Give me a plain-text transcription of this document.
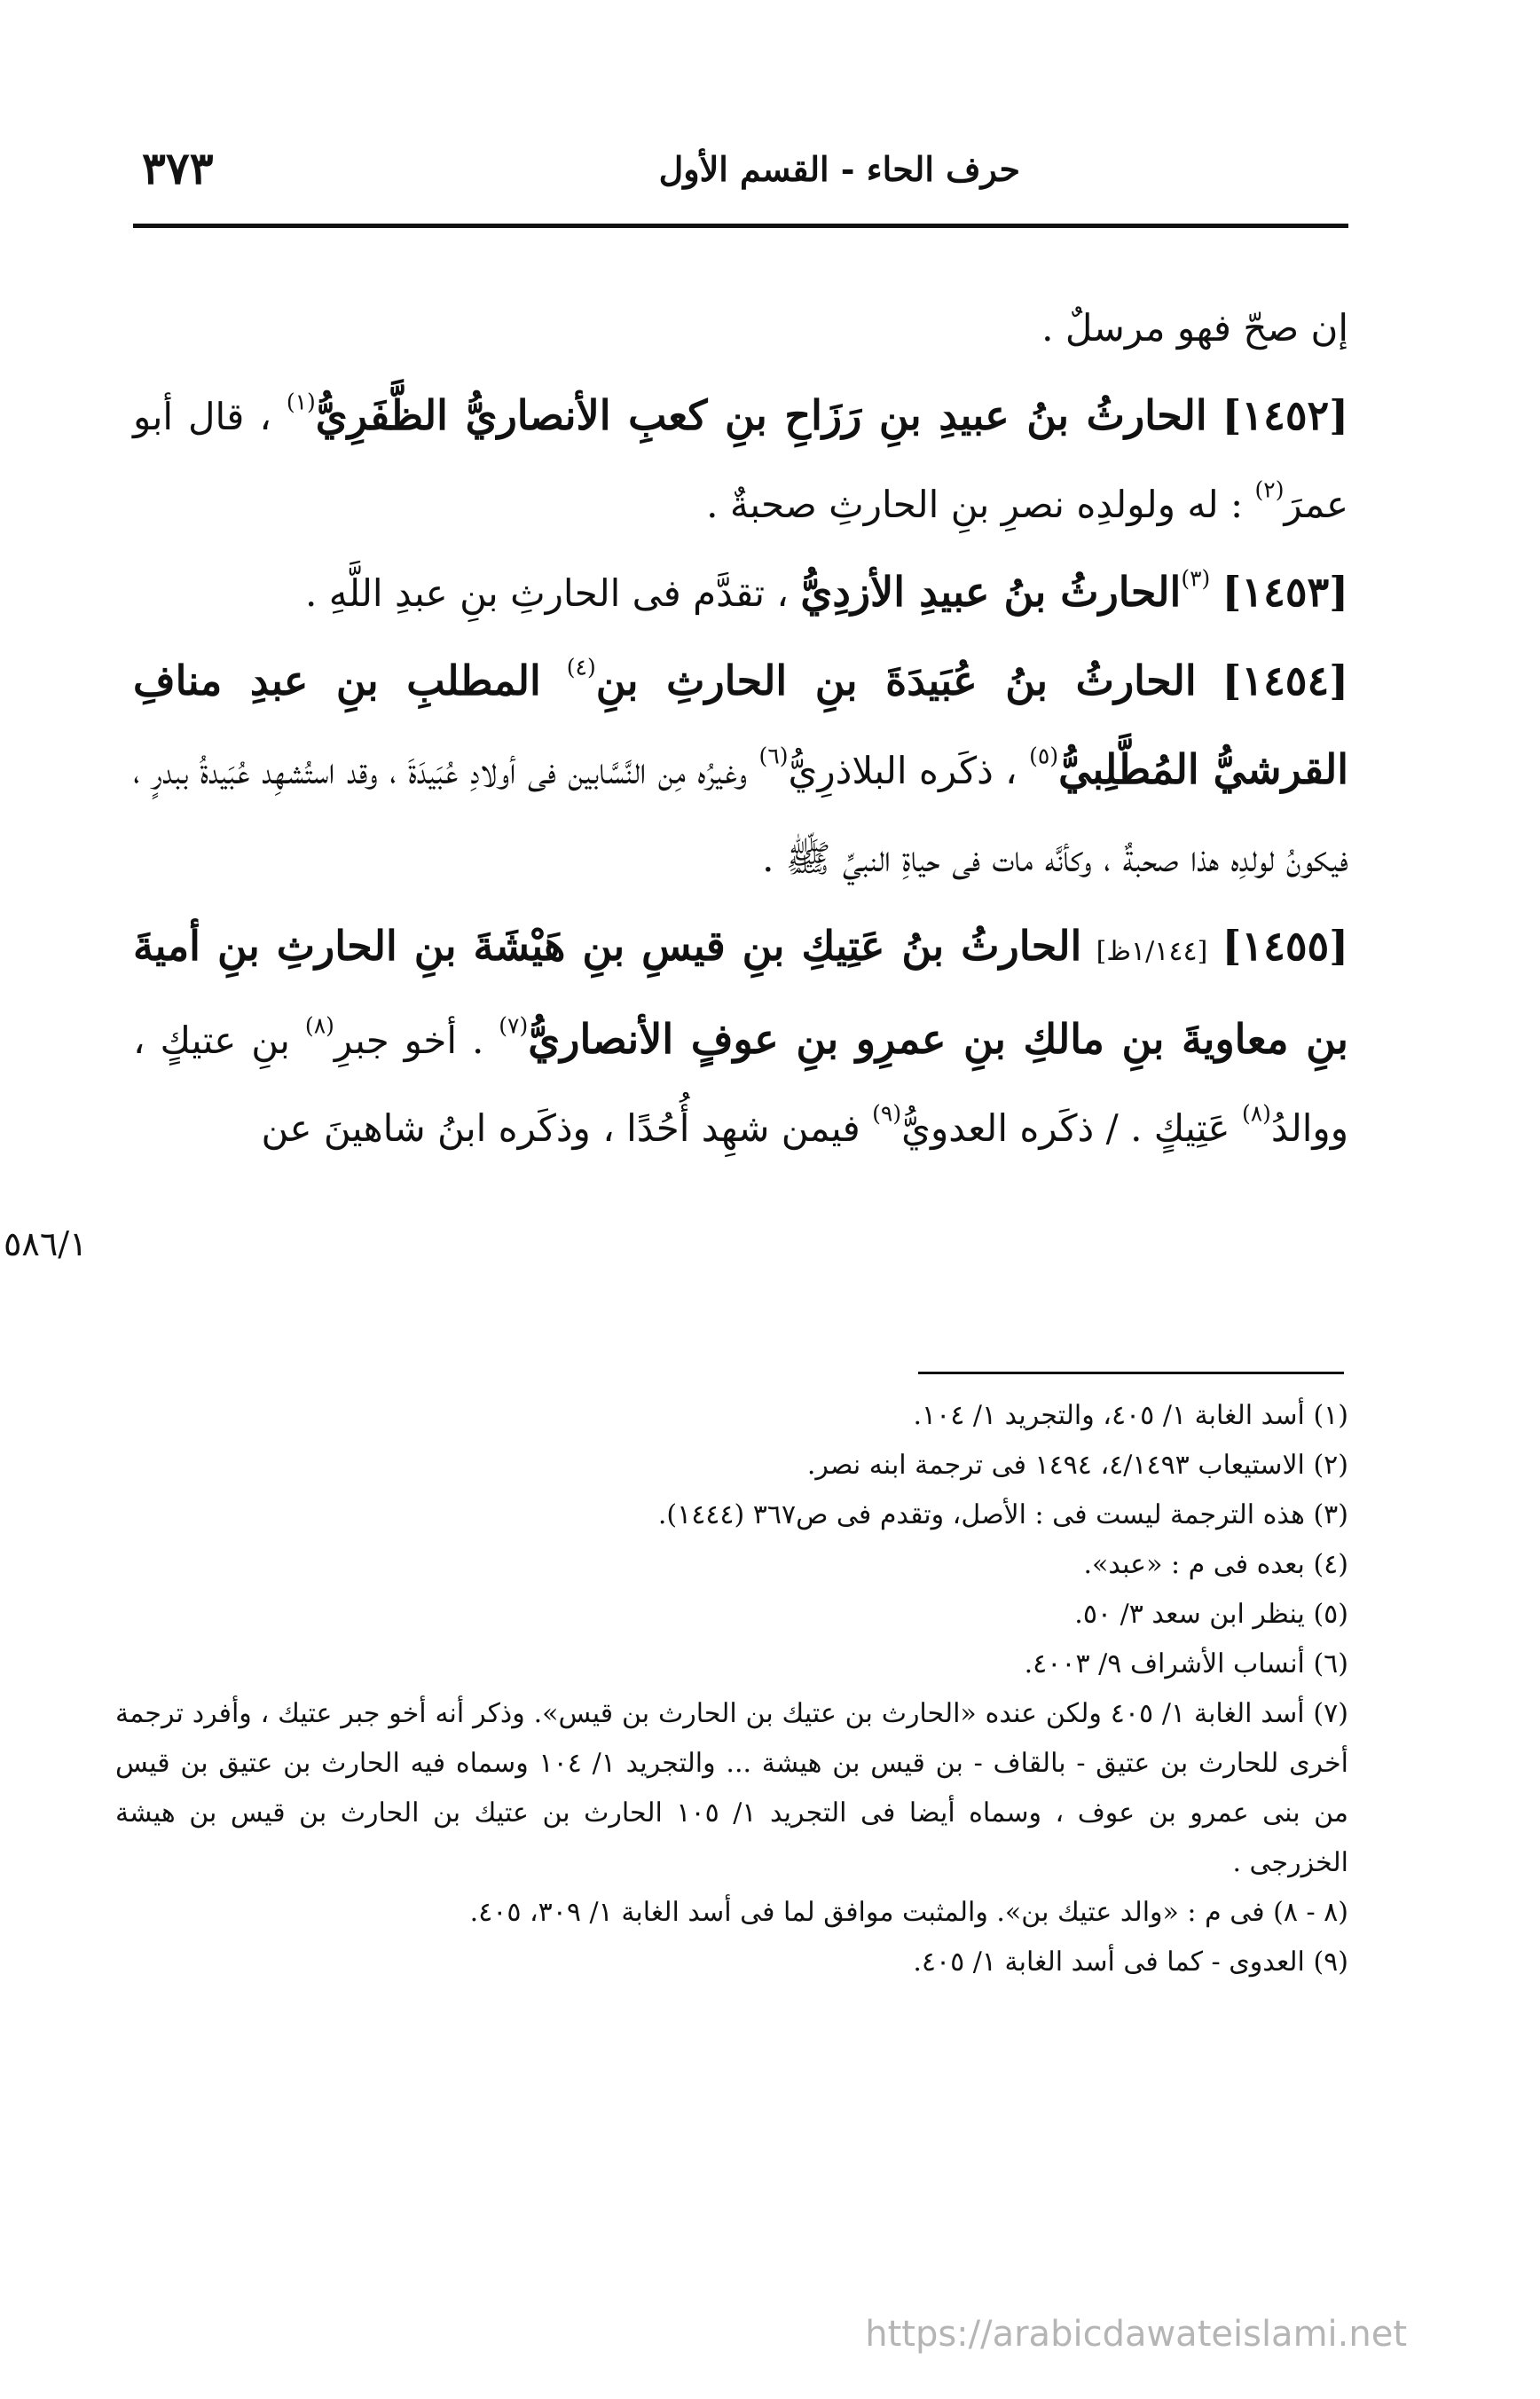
٣٧٣	حرف الحاء - القسم الأول

إن صحّ فهو مرسلٌ .

[١٤٥٢] الحارثُ بنُ عبيدِ بنِ رَزَاحِ بنِ كعبِ الأنصاريُّ الظَّفَرِيُّ$^{(١)}$ ، قال أبو عمرَ$^{(٢)}$ : له ولولدِه نصرِ بنِ الحارثِ صحبةٌ .

[١٤٥٣] $^{(٣)}$الحارثُ بنُ عبيدِ الأزدِيُّ ، تقدَّم فى الحارثِ بنِ عبدِ اللَّهِ .

[١٤٥٤] الحارثُ بنُ عُبَيدَةَ بنِ الحارثِ بنِ$^{(٤)}$ المطلبِ بنِ عبدِ منافِ القرشيُّ المُطَّلِبيُّ$^{(٥)}$ ، ذكَره البلاذرِيُّ$^{(٦)}$ وغيرُه مِن النَّسَّابين فى أولادِ عُبَيدَةَ ، وقد استُشهِد عُبَيدةُ ببدرٍ ، فيكونُ لولدِه هذا صحبةٌ ، وكأنَّه مات فى حياةِ النبيِّ ﷺ .

[١٤٥٥] [١/١٤٤ظ] الحارثُ بنُ عَتِيكِ بنِ قيسِ بنِ هَيْشَةَ بنِ الحارثِ بنِ أميةَ بنِ معاويةَ بنِ مالكِ بنِ عمرِو بنِ عوفٍ الأنصاريُّ$^{(٧)}$ . أخو جبرِ$^{(٨)}$ بنِ عتيكٍ ، ووالدُ$^{(٨)}$ عَتِيكٍ . / ذكَره العدويُّ$^{(٩)}$ فيمن شهِد أُحُدًا ، وذكَره ابنُ شاهينَ عن

٥٨٦/١

(١) أسد الغابة ١/ ٤٠٥، والتجريد ١/ ١٠٤.

(٢) الاستيعاب ٤/١٤٩٣، ١٤٩٤ فى ترجمة ابنه نصر.

(٣) هذه الترجمة ليست فى : الأصل، وتقدم فى ص٣٦٧ (١٤٤٤).

(٤) بعده فى م : «عبد».

(٥) ينظر ابن سعد ٣/ ٥٠.

(٦) أنساب الأشراف ٩/ ٤٠٠٣.

(٧) أسد الغابة ١/ ٤٠٥ ولكن عنده «الحارث بن عتيك بن الحارث بن قيس». وذكر أنه أخو جبر عتيك ، وأفرد ترجمة أخرى للحارث بن عتيق - بالقاف - بن قيس بن هيشة ... والتجريد ١/ ١٠٤ وسماه فيه الحارث بن عتيق بن قيس من بنى عمرو بن عوف ، وسماه أيضا فى التجريد ١/ ١٠٥ الحارث بن عتيك بن الحارث بن قيس بن هيشة الخزرجى .

(٨ - ٨) فى م : «والد عتيك بن». والمثبت موافق لما فى أسد الغابة ١/ ٣٠٩، ٤٠٥.

(٩) العدوى - كما فى أسد الغابة ١/ ٤٠٥.

https://arabicdawateislami.net
